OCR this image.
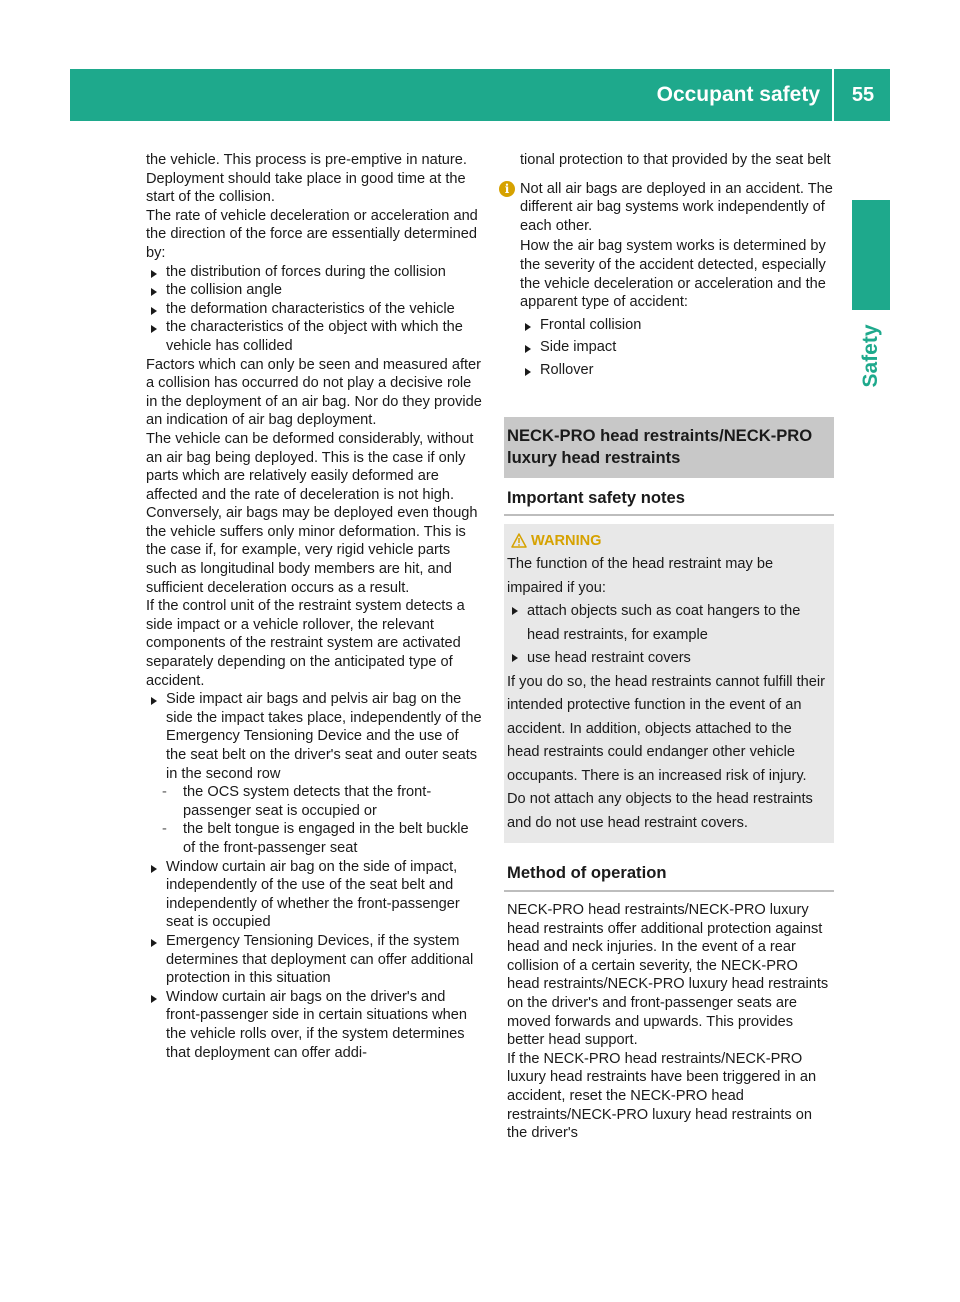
Occupant safety	55
Safety

the vehicle. This process is pre-emptive in nature. Deployment should take place in good time at the start of the collision.

The rate of vehicle deceleration or acceleration and the direction of the force are essentially determined by:

the distribution of forces during the collision

the collision angle

the deformation characteristics of the vehicle

the characteristics of the object with which the vehicle has collided

Factors which can only be seen and measured after a collision has occurred do not play a decisive role in the deployment of an air bag. Nor do they provide an indication of air bag deployment.

The vehicle can be deformed considerably, without an air bag being deployed. This is the case if only parts which are relatively easily deformed are affected and the rate of deceleration is not high. Conversely, air bags may be deployed even though the vehicle suffers only minor deformation. This is the case if, for example, very rigid vehicle parts such as longitudinal body members are hit, and sufficient deceleration occurs as a result.

If the control unit of the restraint system detects a side impact or a vehicle rollover, the relevant components of the restraint system are activated separately depending on the anticipated type of accident.

Side impact air bags and pelvis air bag on the side the impact takes place, independently of the Emergency Tensioning Device and the use of the seat belt on the driver's seat and outer seats in the second row

- the OCS system detects that the front-passenger seat is occupied or

- the belt tongue is engaged in the belt buckle of the front-passenger seat

Window curtain air bag on the side of impact, independently of the use of the seat belt and independently of whether the front-passenger seat is occupied

Emergency Tensioning Devices, if the system determines that deployment can offer additional protection in this situation

Window curtain air bags on the driver's and front-passenger side in certain situations when the vehicle rolls over, if the system determines that deployment can offer addi-

tional protection to that provided by the seat belt

i Not all air bags are deployed in an accident. The different air bag systems work independently of each other.

How the air bag system works is determined by the severity of the accident detected, especially the vehicle deceleration or acceleration and the apparent type of accident:

Frontal collision

Side impact

Rollover

NECK-PRO head restraints/NECK-PRO luxury head restraints
Important safety notes
WARNING

The function of the head restraint may be impaired if you:

attach objects such as coat hangers to the head restraints, for example

use head restraint covers

If you do so, the head restraints cannot fulfill their intended protective function in the event of an accident. In addition, objects attached to the head restraints could endanger other vehicle occupants. There is an increased risk of injury.

Do not attach any objects to the head restraints and do not use head restraint covers.

Method of operation

NECK-PRO head restraints/NECK-PRO luxury head restraints offer additional protection against head and neck injuries. In the event of a rear collision of a certain severity, the NECK-PRO head restraints/NECK-PRO luxury head restraints on the driver's and front-passenger seats are moved forwards and upwards. This provides better head support.

If the NECK-PRO head restraints/NECK-PRO luxury head restraints have been triggered in an accident, reset the NECK-PRO head restraints/NECK-PRO luxury head restraints on the driver's
